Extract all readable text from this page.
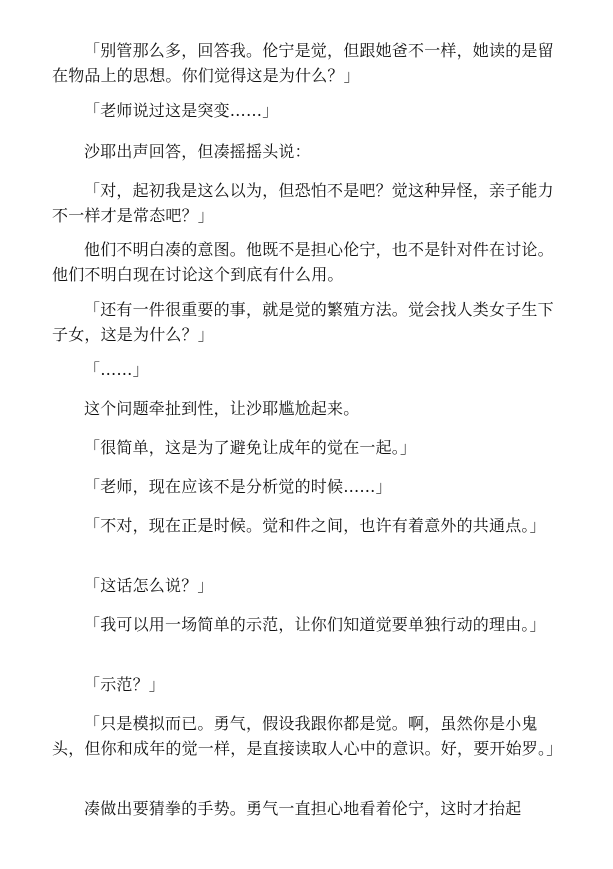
「别管那么多，回答我。伦宁是觉，但跟她爸不一样，她读的是留在物品上的思想。你们觉得这是为什么？」

「老师说过这是突变……」

沙耶出声回答，但凑摇摇头说：

「对，起初我是这么以为，但恐怕不是吧？觉这种异怪，亲子能力不一样才是常态吧？」

他们不明白凑的意图。他既不是担心伦宁，也不是针对件在讨论。他们不明白现在讨论这个到底有什么用。

「还有一件很重要的事，就是觉的繁殖方法。觉会找人类女子生下子女，这是为什么？」

「……」

这个问题牵扯到性，让沙耶尴尬起来。

「很简单，这是为了避免让成年的觉在一起。」

「老师，现在应该不是分析觉的时候……」

「不对，现在正是时候。觉和件之间，也许有着意外的共通点。」

「这话怎么说？」

「我可以用一场简单的示范，让你们知道觉要单独行动的理由。」

「示范？」

「只是模拟而已。勇气，假设我跟你都是觉。啊，虽然你是小鬼头，但你和成年的觉一样，是直接读取人心中的意识。好，要开始罗。」

凑做出要猜拳的手势。勇气一直担心地看着伦宁，这时才抬起
